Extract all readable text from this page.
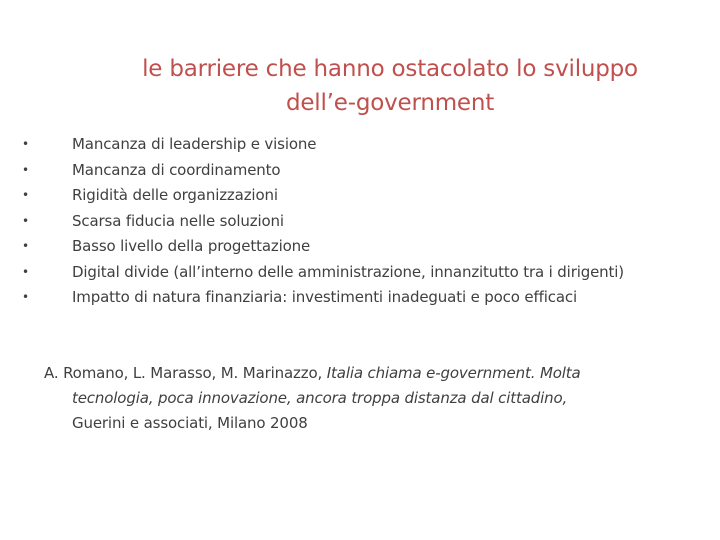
le barriere che hanno ostacolato lo sviluppo
dell’e-government
•	Mancanza di leadership e visione
•	Mancanza di coordinamento
•	Rigidità delle organizzazioni
•	Scarsa fiducia nelle soluzioni
•	Basso livello della progettazione
•	Digital divide (all’interno delle amministrazione, innanzitutto tra i dirigenti)
•	Impatto di natura finanziaria: investimenti inadeguati e poco efficaci
A. Romano, L. Marasso, M. Marinazzo, Italia chiama e-government. Molta
tecnologia, poca innovazione, ancora troppa distanza dal cittadino,
Guerini e associati, Milano 2008
